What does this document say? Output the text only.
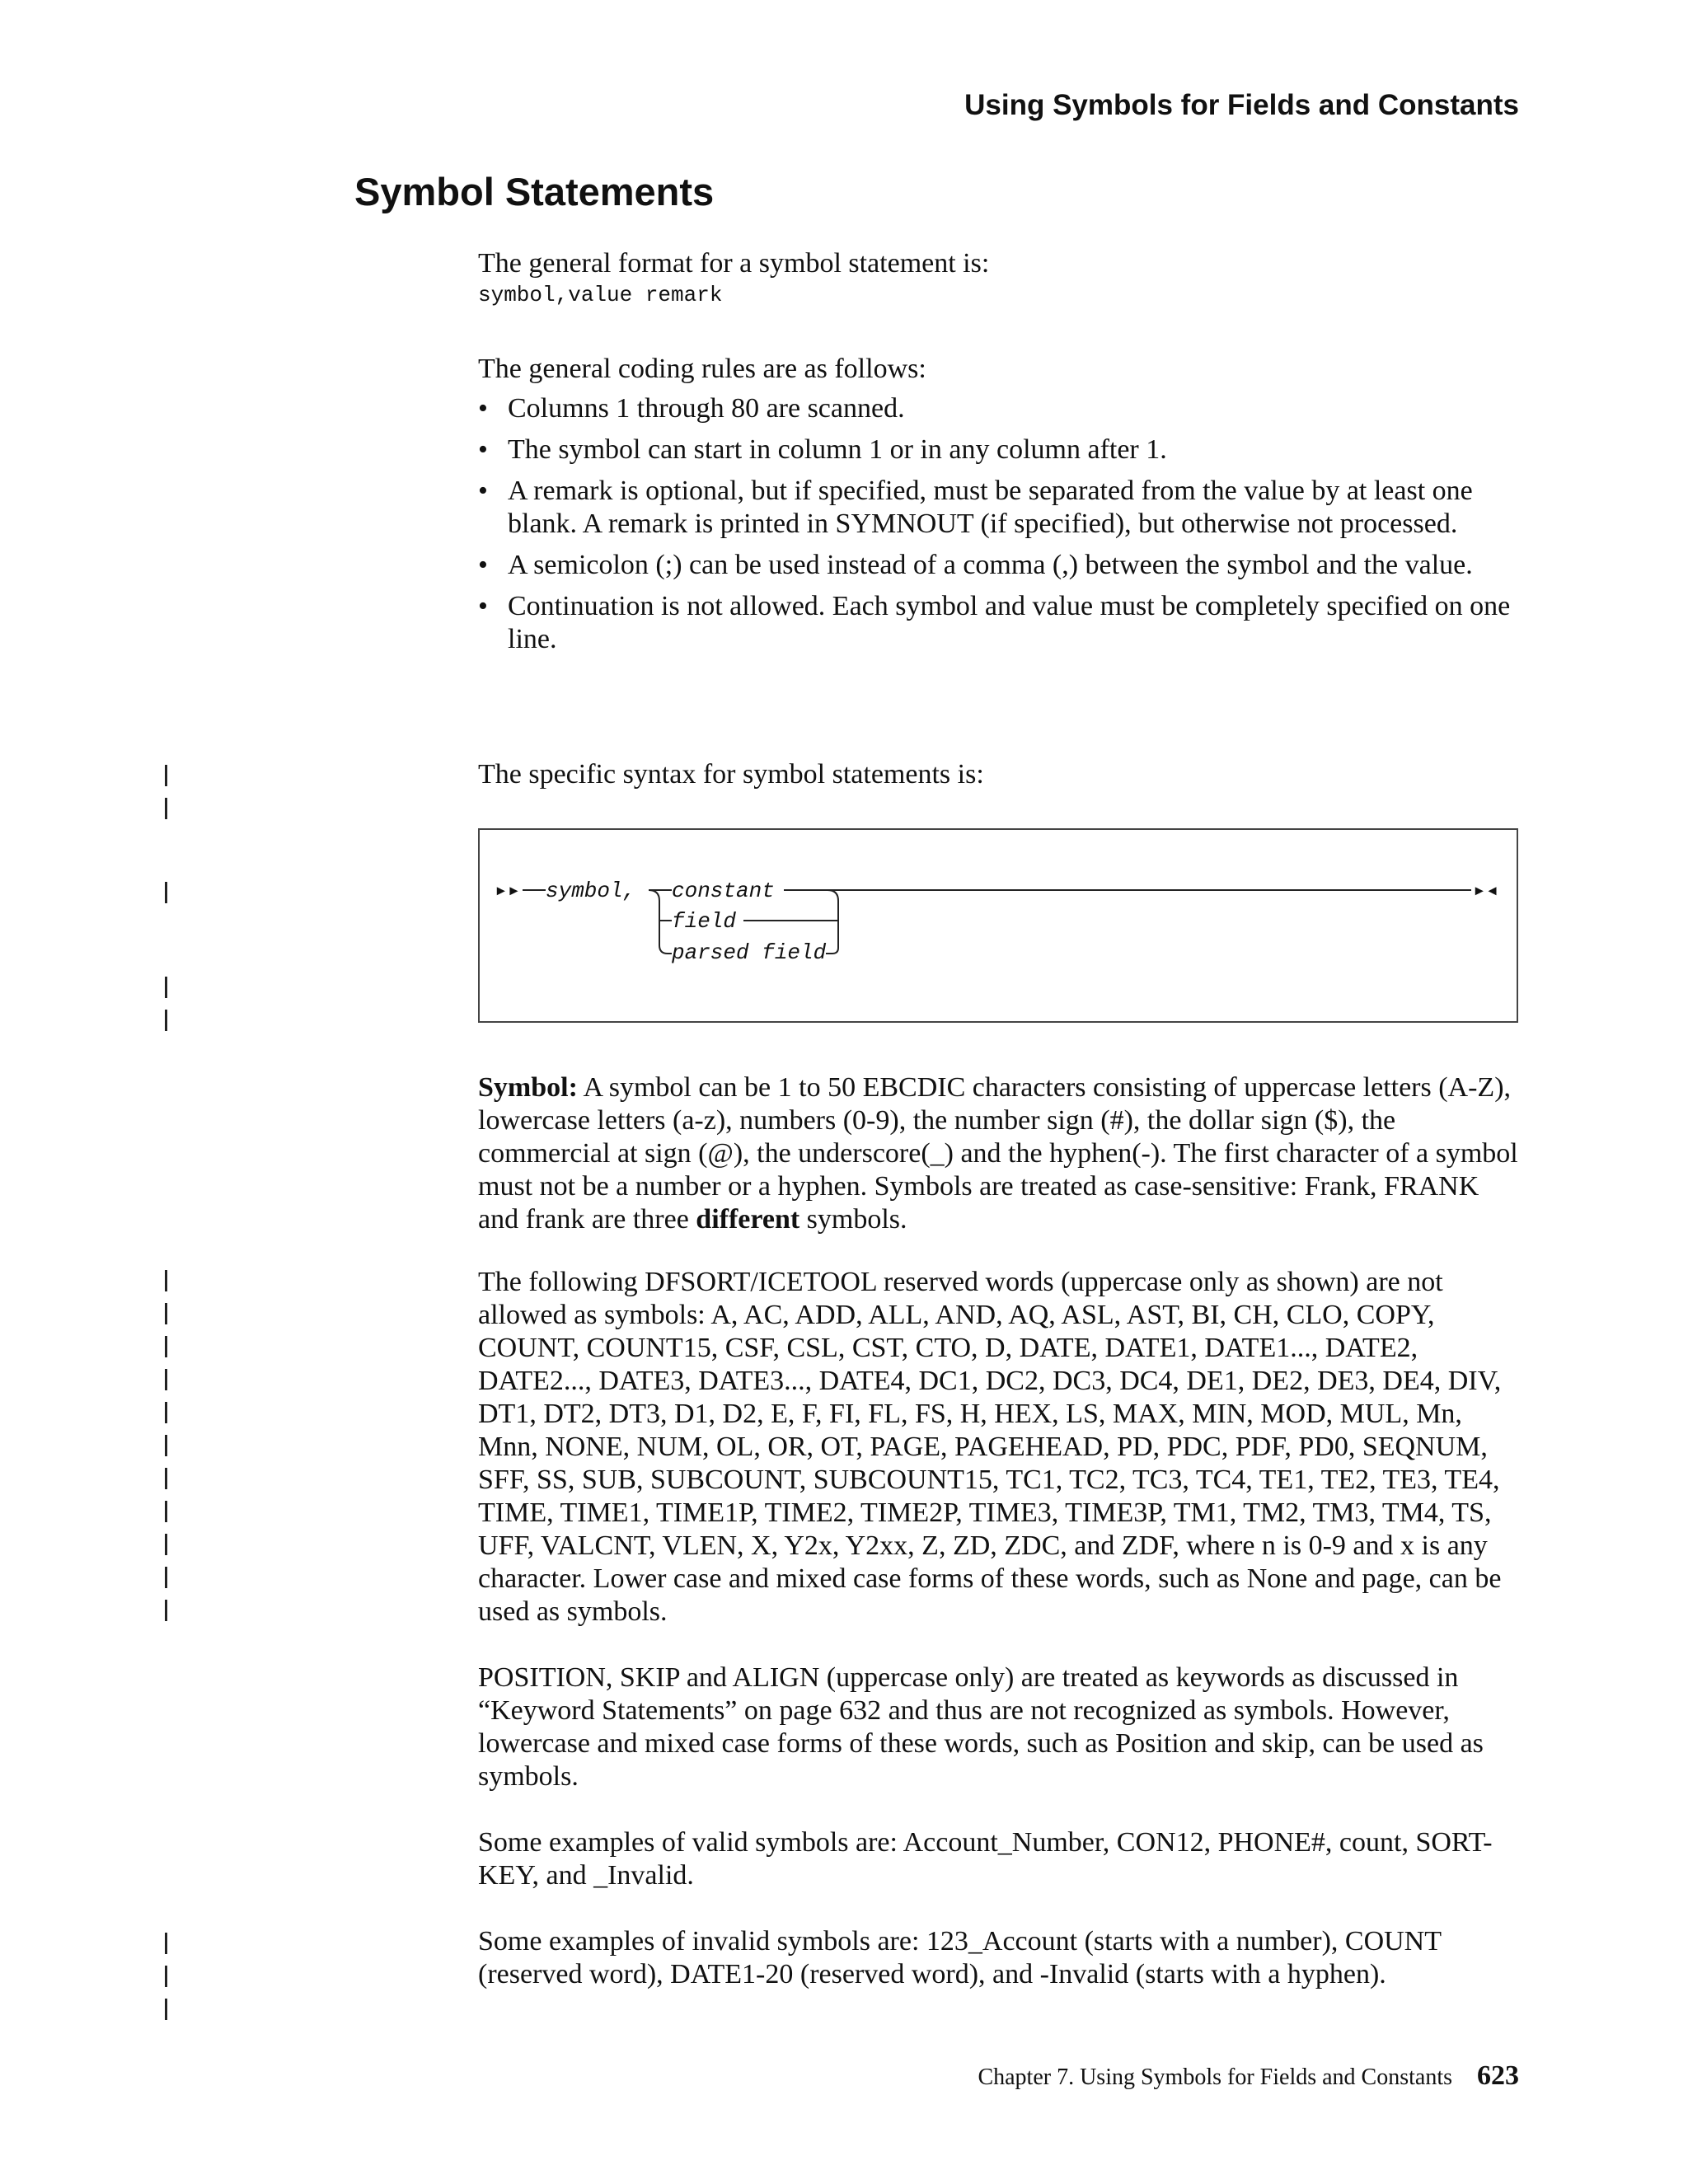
Using Symbols for Fields and Constants
Symbol Statements

The general format for a symbol statement is:

symbol,value remark

The general coding rules are as follows:

• Columns 1 through 80 are scanned.
• The symbol can start in column 1 or in any column after 1.
• A remark is optional, but if specified, must be separated from the value by at least one blank. A remark is printed in SYMNOUT (if specified), but otherwise not processed.
• A semicolon (;) can be used instead of a comma (,) between the symbol and the value.
• Continuation is not allowed. Each symbol and value must be completely specified on one line.
The specific syntax for symbol statements is:
Symbol: A symbol can be 1 to 50 EBCDIC characters consisting of uppercase letters (A-Z), lowercase letters (a-z), numbers (0-9), the number sign (#), the dollar sign ($), the commercial at sign (@), the underscore(_) and the hyphen(-). The first character of a symbol must not be a number or a hyphen. Symbols are treated as case-sensitive: Frank, FRANK and frank are three different symbols.
The following DFSORT/ICETOOL reserved words (uppercase only as shown) are not allowed as symbols: A, AC, ADD, ALL, AND, AQ, ASL, AST, BI, CH, CLO, COPY, COUNT, COUNT15, CSF, CSL, CST, CTO, D, DATE, DATE1, DATE1..., DATE2, DATE2..., DATE3, DATE3..., DATE4, DC1, DC2, DC3, DC4, DE1, DE2, DE3, DE4, DIV, DT1, DT2, DT3, D1, D2, E, F, FI, FL, FS, H, HEX, LS, MAX, MIN, MOD, MUL, Mn, Mnn, NONE, NUM, OL, OR, OT, PAGE, PAGEHEAD, PD, PDC, PDF, PD0, SEQNUM, SFF, SS, SUB, SUBCOUNT, SUBCOUNT15, TC1, TC2, TC3, TC4, TE1, TE2, TE3, TE4, TIME, TIME1, TIME1P, TIME2, TIME2P, TIME3, TIME3P, TM1, TM2, TM3, TM4, TS, UFF, VALCNT, VLEN, X, Y2x, Y2xx, Z, ZD, ZDC, and ZDF, where n is 0-9 and x is any character. Lower case and mixed case forms of these words, such as None and page, can be used as symbols.
POSITION, SKIP and ALIGN (uppercase only) are treated as keywords as discussed in “Keyword Statements” on page 632 and thus are not recognized as symbols. However, lowercase and mixed case forms of these words, such as Position and skip, can be used as symbols.
Some examples of valid symbols are: Account_Number, CON12, PHONE#, count, SORT-KEY, and _Invalid.
Some examples of invalid symbols are: 123_Account (starts with a number), COUNT (reserved word), DATE1-20 (reserved word), and -Invalid (starts with a hyphen).
▸▸ symbol, constant
field
parsed field
▸◂
Chapter 7. Using Symbols for Fields and Constants 623
